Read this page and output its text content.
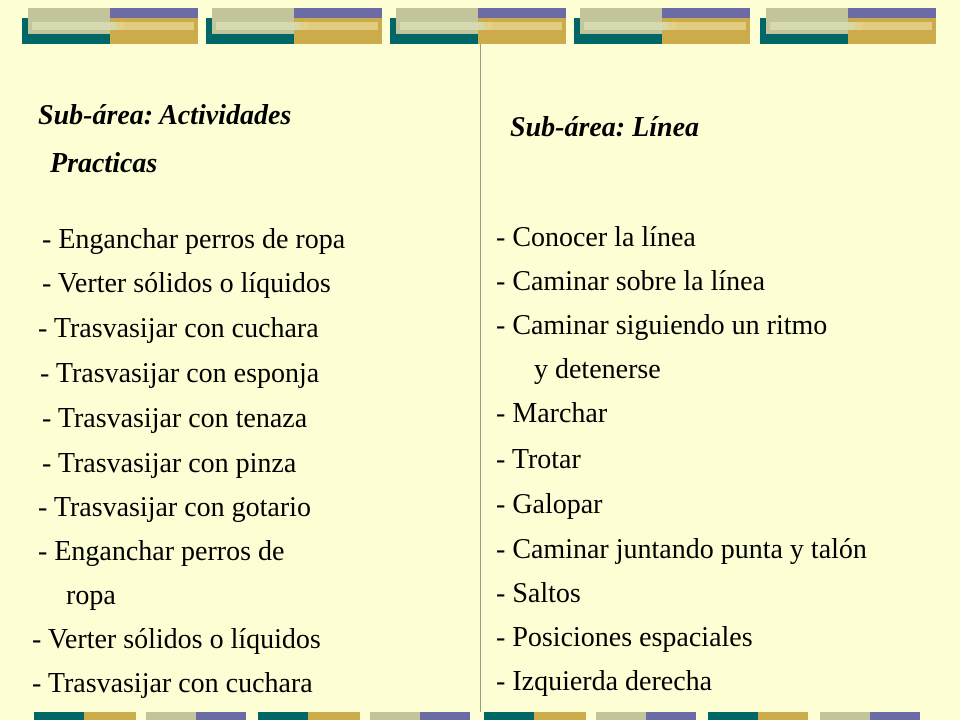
Sub-área: Actividades

Practicas

- Enganchar perros de ropa

- Verter sólidos o líquidos

- Trasvasijar con cuchara

- Trasvasijar con esponja

- Trasvasijar con tenaza

- Trasvasijar con pinza

- Trasvasijar con gotario

- Enganchar perros de

ropa

- Verter sólidos o líquidos

- Trasvasijar con cuchara

Sub-área: Línea

- Conocer la línea

- Caminar sobre la línea

- Caminar siguiendo un ritmo

y detenerse

- Marchar

- Trotar

- Galopar

- Caminar juntando punta y talón

- Saltos

- Posiciones espaciales

- Izquierda derecha
